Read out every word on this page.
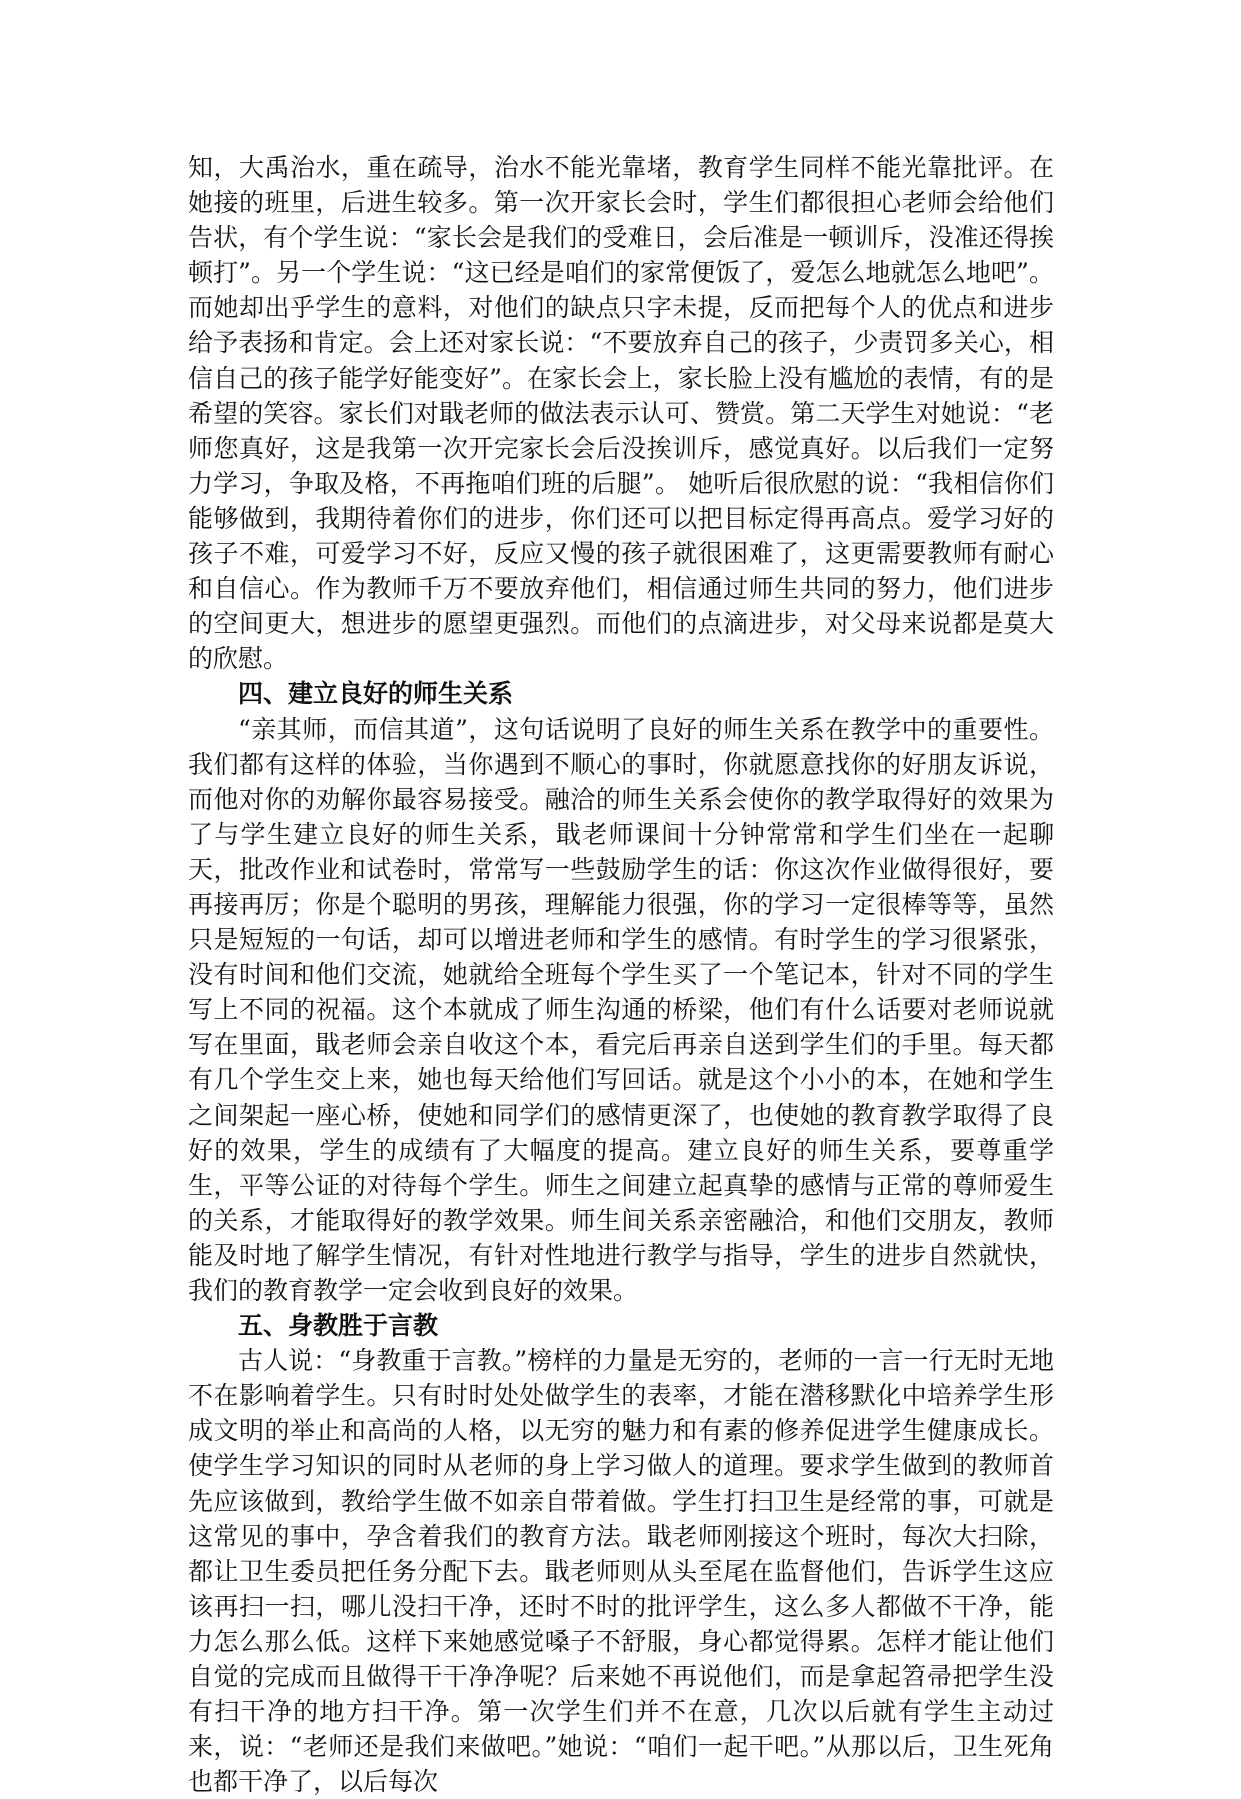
知，大禹治水，重在疏导，治水不能光靠堵，教育学生同样不能光靠批评。在她接的班里，后进生较多。第一次开家长会时，学生们都很担心老师会给他们告状，有个学生说：“家长会是我们的受难日，会后准是一顿训斥，没准还得挨顿打”。另一个学生说：“这已经是咱们的家常便饭了，爱怎么地就怎么地吧”。而她却出乎学生的意料，对他们的缺点只字未提，反而把每个人的优点和进步给予表扬和肯定。会上还对家长说：“不要放弃自己的孩子，少责罚多关心，相信自己的孩子能学好能变好”。在家长会上，家长脸上没有尴尬的表情，有的是希望的笑容。家长们对戢老师的做法表示认可、赞赏。第二天学生对她说：“老师您真好，这是我第一次开完家长会后没挨训斥，感觉真好。以后我们一定努力学习，争取及格，不再拖咱们班的后腿”。 她听后很欣慰的说：“我相信你们能够做到，我期待着你们的进步，你们还可以把目标定得再高点。爱学习好的孩子不难，可爱学习不好，反应又慢的孩子就很困难了，这更需要教师有耐心和自信心。作为教师千万不要放弃他们，相信通过师生共同的努力，他们进步的空间更大，想进步的愿望更强烈。而他们的点滴进步，对父母来说都是莫大的欣慰。

四、建立良好的师生关系

“亲其师，而信其道”，这句话说明了良好的师生关系在教学中的重要性。我们都有这样的体验，当你遇到不顺心的事时，你就愿意找你的好朋友诉说，而他对你的劝解你最容易接受。融洽的师生关系会使你的教学取得好的效果为了与学生建立良好的师生关系，戢老师课间十分钟常常和学生们坐在一起聊天，批改作业和试卷时，常常写一些鼓励学生的话：你这次作业做得很好，要再接再厉；你是个聪明的男孩，理解能力很强，你的学习一定很棒等等，虽然只是短短的一句话，却可以增进老师和学生的感情。有时学生的学习很紧张，没有时间和他们交流，她就给全班每个学生买了一个笔记本，针对不同的学生写上不同的祝福。这个本就成了师生沟通的桥梁，他们有什么话要对老师说就写在里面，戢老师会亲自收这个本，看完后再亲自送到学生们的手里。每天都有几个学生交上来，她也每天给他们写回话。就是这个小小的本，在她和学生之间架起一座心桥，使她和同学们的感情更深了，也使她的教育教学取得了良好的效果，学生的成绩有了大幅度的提高。建立良好的师生关系，要尊重学生，平等公证的对待每个学生。师生之间建立起真挚的感情与正常的尊师爱生的关系，才能取得好的教学效果。师生间关系亲密融洽，和他们交朋友，教师能及时地了解学生情况，有针对性地进行教学与指导，学生的进步自然就快，我们的教育教学一定会收到良好的效果。

五、身教胜于言教

古人说：“身教重于言教。”榜样的力量是无穷的，老师的一言一行无时无地不在影响着学生。只有时时处处做学生的表率，才能在潜移默化中培养学生形成文明的举止和高尚的人格，以无穷的魅力和有素的修养促进学生健康成长。使学生学习知识的同时从老师的身上学习做人的道理。要求学生做到的教师首先应该做到，教给学生做不如亲自带着做。学生打扫卫生是经常的事，可就是这常见的事中，孕含着我们的教育方法。戢老师刚接这个班时，每次大扫除，都让卫生委员把任务分配下去。戢老师则从头至尾在监督他们，告诉学生这应该再扫一扫，哪儿没扫干净，还时不时的批评学生，这么多人都做不干净，能力怎么那么低。这样下来她感觉嗓子不舒服，身心都觉得累。怎样才能让他们自觉的完成而且做得干干净净呢？后来她不再说他们，而是拿起笤帚把学生没有扫干净的地方扫干净。第一次学生们并不在意，几次以后就有学生主动过来，说：“老师还是我们来做吧。”她说：“咱们一起干吧。”从那以后，卫生死角也都干净了，以后每次
